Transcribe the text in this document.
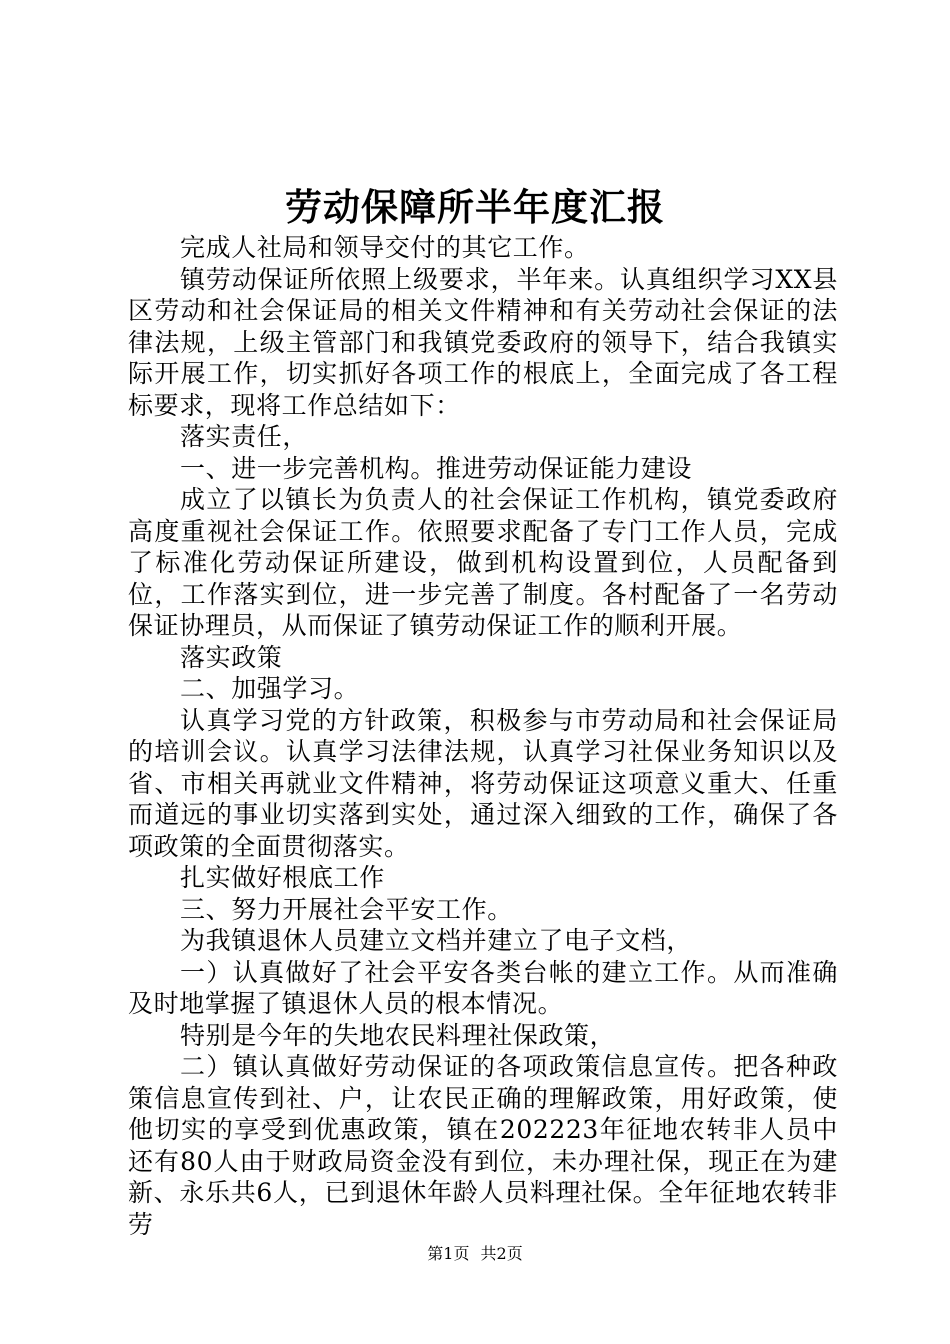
劳动保障所半年度汇报

完成人社局和领导交付的其它工作。

镇劳动保证所依照上级要求，半年来。认真组织学习XX县区劳动和社会保证局的相关文件精神和有关劳动社会保证的法律法规，上级主管部门和我镇党委政府的领导下，结合我镇实际开展工作，切实抓好各项工作的根底上，全面完成了各工程标要求，现将工作总结如下：

落实责任，

一、进一步完善机构。推进劳动保证能力建设

成立了以镇长为负责人的社会保证工作机构，镇党委政府高度重视社会保证工作。依照要求配备了专门工作人员，完成了标准化劳动保证所建设，做到机构设置到位，人员配备到位，工作落实到位，进一步完善了制度。各村配备了一名劳动保证协理员，从而保证了镇劳动保证工作的顺利开展。

落实政策

二、加强学习。

认真学习党的方针政策，积极参与市劳动局和社会保证局的培训会议。认真学习法律法规，认真学习社保业务知识以及省、市相关再就业文件精神，将劳动保证这项意义重大、任重而道远的事业切实落到实处，通过深入细致的工作，确保了各项政策的全面贯彻落实。

扎实做好根底工作

三、努力开展社会平安工作。

为我镇退休人员建立文档并建立了电子文档，

一）认真做好了社会平安各类台帐的建立工作。从而准确及时地掌握了镇退休人员的根本情况。

特别是今年的失地农民料理社保政策，

二）镇认真做好劳动保证的各项政策信息宣传。把各种政策信息宣传到社、户，让农民正确的理解政策，用好政策，使他切实的享受到优惠政策，镇在202223年征地农转非人员中还有80人由于财政局资金没有到位，未办理社保，现正在为建新、永乐共6人，已到退休年龄人员料理社保。全年征地农转非劳

第1页 共2页
